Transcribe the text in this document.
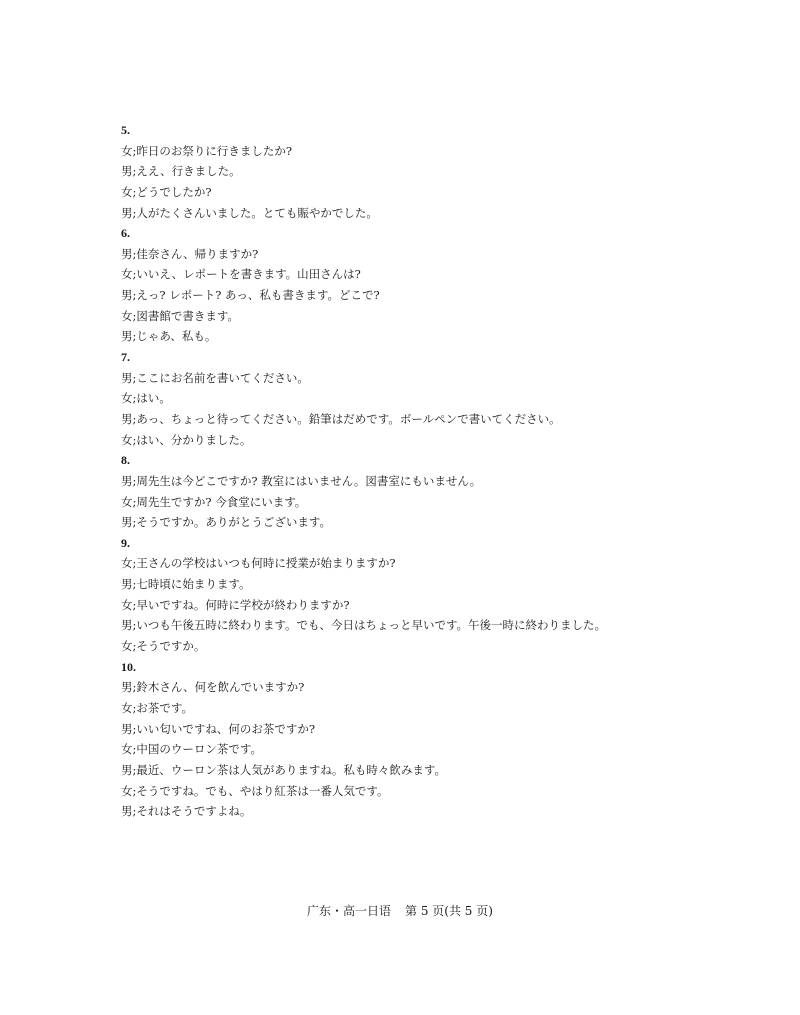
5.
女;昨日のお祭りに行きましたか?
男;ええ、行きました。
女;どうでしたか?
男;人がたくさんいました。とても賑やかでした。
6.
男;佳奈さん、帰りますか?
女;いいえ、レポートを書きます。山田さんは?
男;えっ? レポート? あっ、私も書きます。どこで?
女;図書館で書きます。
男;じゃあ、私も。
7.
男;ここにお名前を書いてください。
女;はい。
男;あっ、ちょっと待ってください。鉛筆はだめです。ボールペンで書いてください。
女;はい、分かりました。
8.
男;周先生は今どこですか? 教室にはいません。図書室にもいません。
女;周先生ですか? 今食堂にいます。
男;そうですか。ありがとうございます。
9.
女;王さんの学校はいつも何時に授業が始まりますか?
男;七時頃に始まります。
女;早いですね。何時に学校が終わりますか?
男;いつも午後五時に終わります。でも、今日はちょっと早いです。午後一時に終わりました。
女;そうですか。
10.
男;鈴木さん、何を飲んでいますか?
女;お茶です。
男;いい匂いですね、何のお茶ですか?
女;中国のウーロン茶です。
男;最近、ウーロン茶は人気がありますね。私も時々飲みます。
女;そうですね。でも、やはり紅茶は一番人気です。
男;それはそうですよね。
广东・高一日语 第 5 页(共 5 页)
